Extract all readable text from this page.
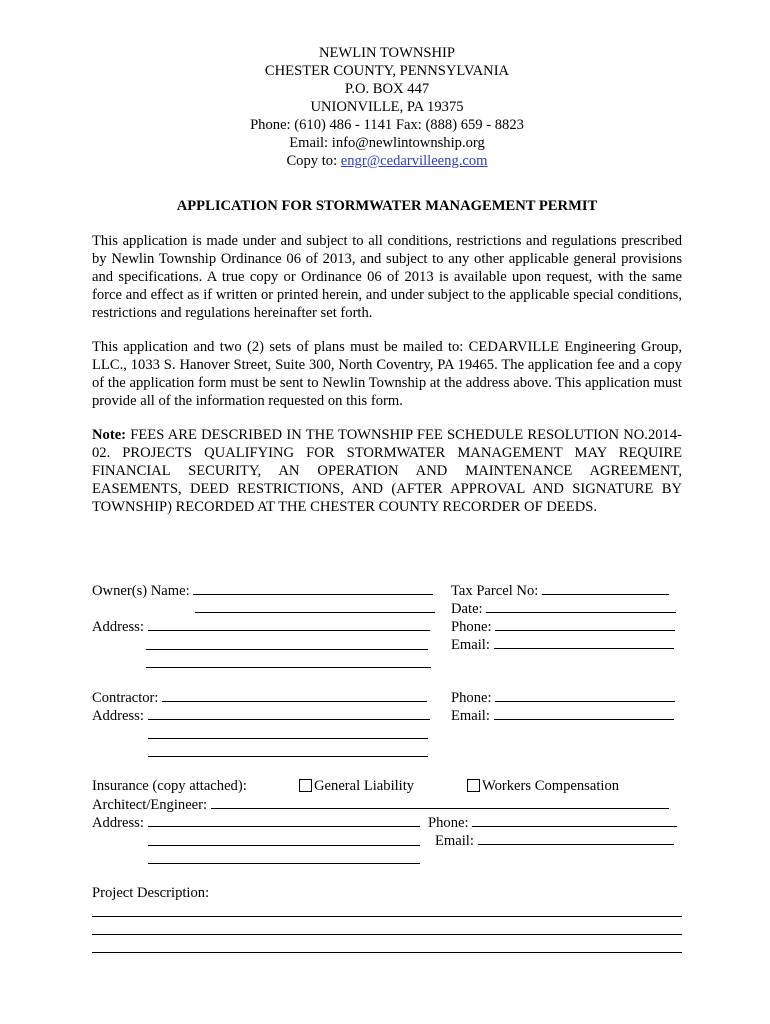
NEWLIN TOWNSHIP
CHESTER COUNTY, PENNSYLVANIA
P.O. BOX 447
UNIONVILLE, PA 19375
Phone: (610) 486 - 1141 Fax: (888) 659 - 8823
Email: info@newlintownship.org
Copy to: engr@cedarvilleeng.com
APPLICATION FOR STORMWATER MANAGEMENT PERMIT
This application is made under and subject to all conditions, restrictions and regulations prescribed by Newlin Township Ordinance 06 of 2013, and subject to any other applicable general provisions and specifications. A true copy or Ordinance 06 of 2013 is available upon request, with the same force and effect as if written or printed herein, and under subject to the applicable special conditions, restrictions and regulations hereinafter set forth.
This application and two (2) sets of plans must be mailed to: CEDARVILLE Engineering Group, LLC., 1033 S. Hanover Street, Suite 300, North Coventry, PA 19465. The application fee and a copy of the application form must be sent to Newlin Township at the address above. This application must provide all of the information requested on this form.
Note: FEES ARE DESCRIBED IN THE TOWNSHIP FEE SCHEDULE RESOLUTION NO.2014-02. PROJECTS QUALIFYING FOR STORMWATER MANAGEMENT MAY REQUIRE FINANCIAL SECURITY, AN OPERATION AND MAINTENANCE AGREEMENT, EASEMENTS, DEED RESTRICTIONS, AND (AFTER APPROVAL AND SIGNATURE BY TOWNSHIP) RECORDED AT THE CHESTER COUNTY RECORDER OF DEEDS.
Owner(s) Name:	Tax Parcel No:
Date:
Address:	Phone:
Email:
Contractor:	Phone:
Address:	Email:
Insurance (copy attached):	General Liability	Workers Compensation
Architect/Engineer:
Address:	Phone:
Email:
Project Description:
